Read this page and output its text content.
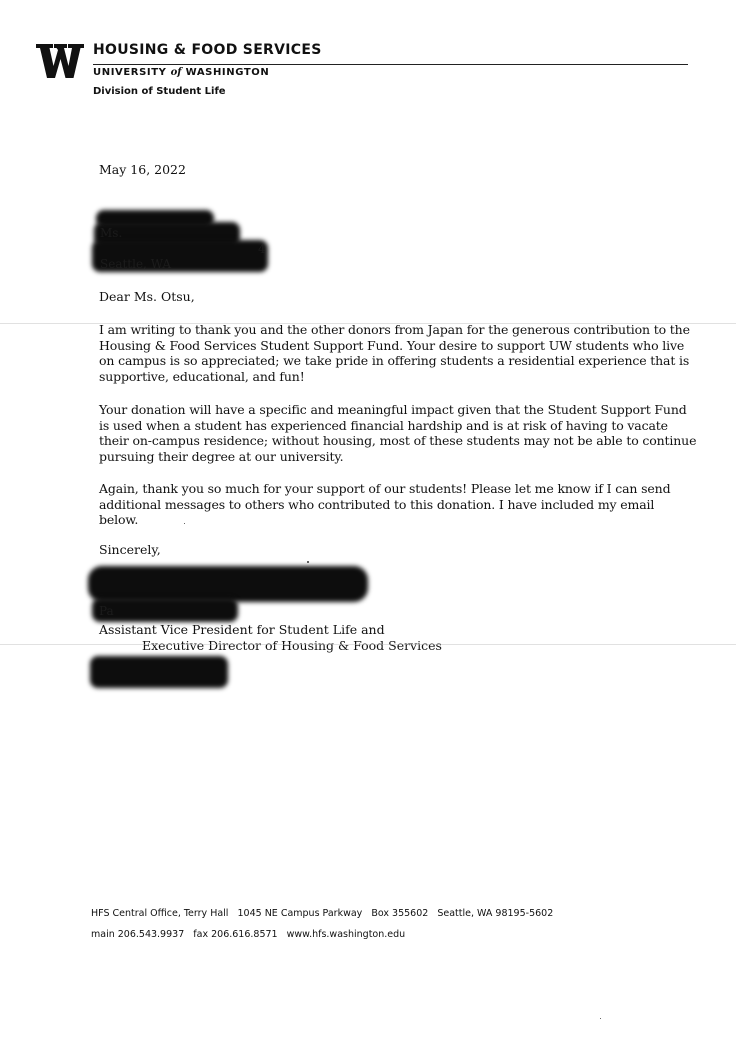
HOUSING & FOOD SERVICES
UNIVERSITY of WASHINGTON
Division of Student Life
May 16, 2022
Ms.
4
Seattle, WA
Dear Ms. Otsu,
I am writing to thank you and the other donors from Japan for the generous contribution to the
Housing & Food Services Student Support Fund. Your desire to support UW students who live
on campus is so appreciated; we take pride in offering students a residential experience that is
supportive, educational, and fun!
Your donation will have a specific and meaningful impact given that the Student Support Fund
is used when a student has experienced financial hardship and is at risk of having to vacate
their on-campus residence; without housing, most of these students may not be able to continue
pursuing their degree at our university.
Again, thank you so much for your support of our students! Please let me know if I can send
additional messages to others who contributed to this donation. I have included my email
below.
Sincerely,
Pa
Assistant Vice President for Student Life and
Executive Director of Housing & Food Services
HFS Central Office, Terry Hall   1045 NE Campus Parkway   Box 355602   Seattle, WA 98195-5602
main 206.543.9937   fax 206.616.8571   www.hfs.washington.edu
